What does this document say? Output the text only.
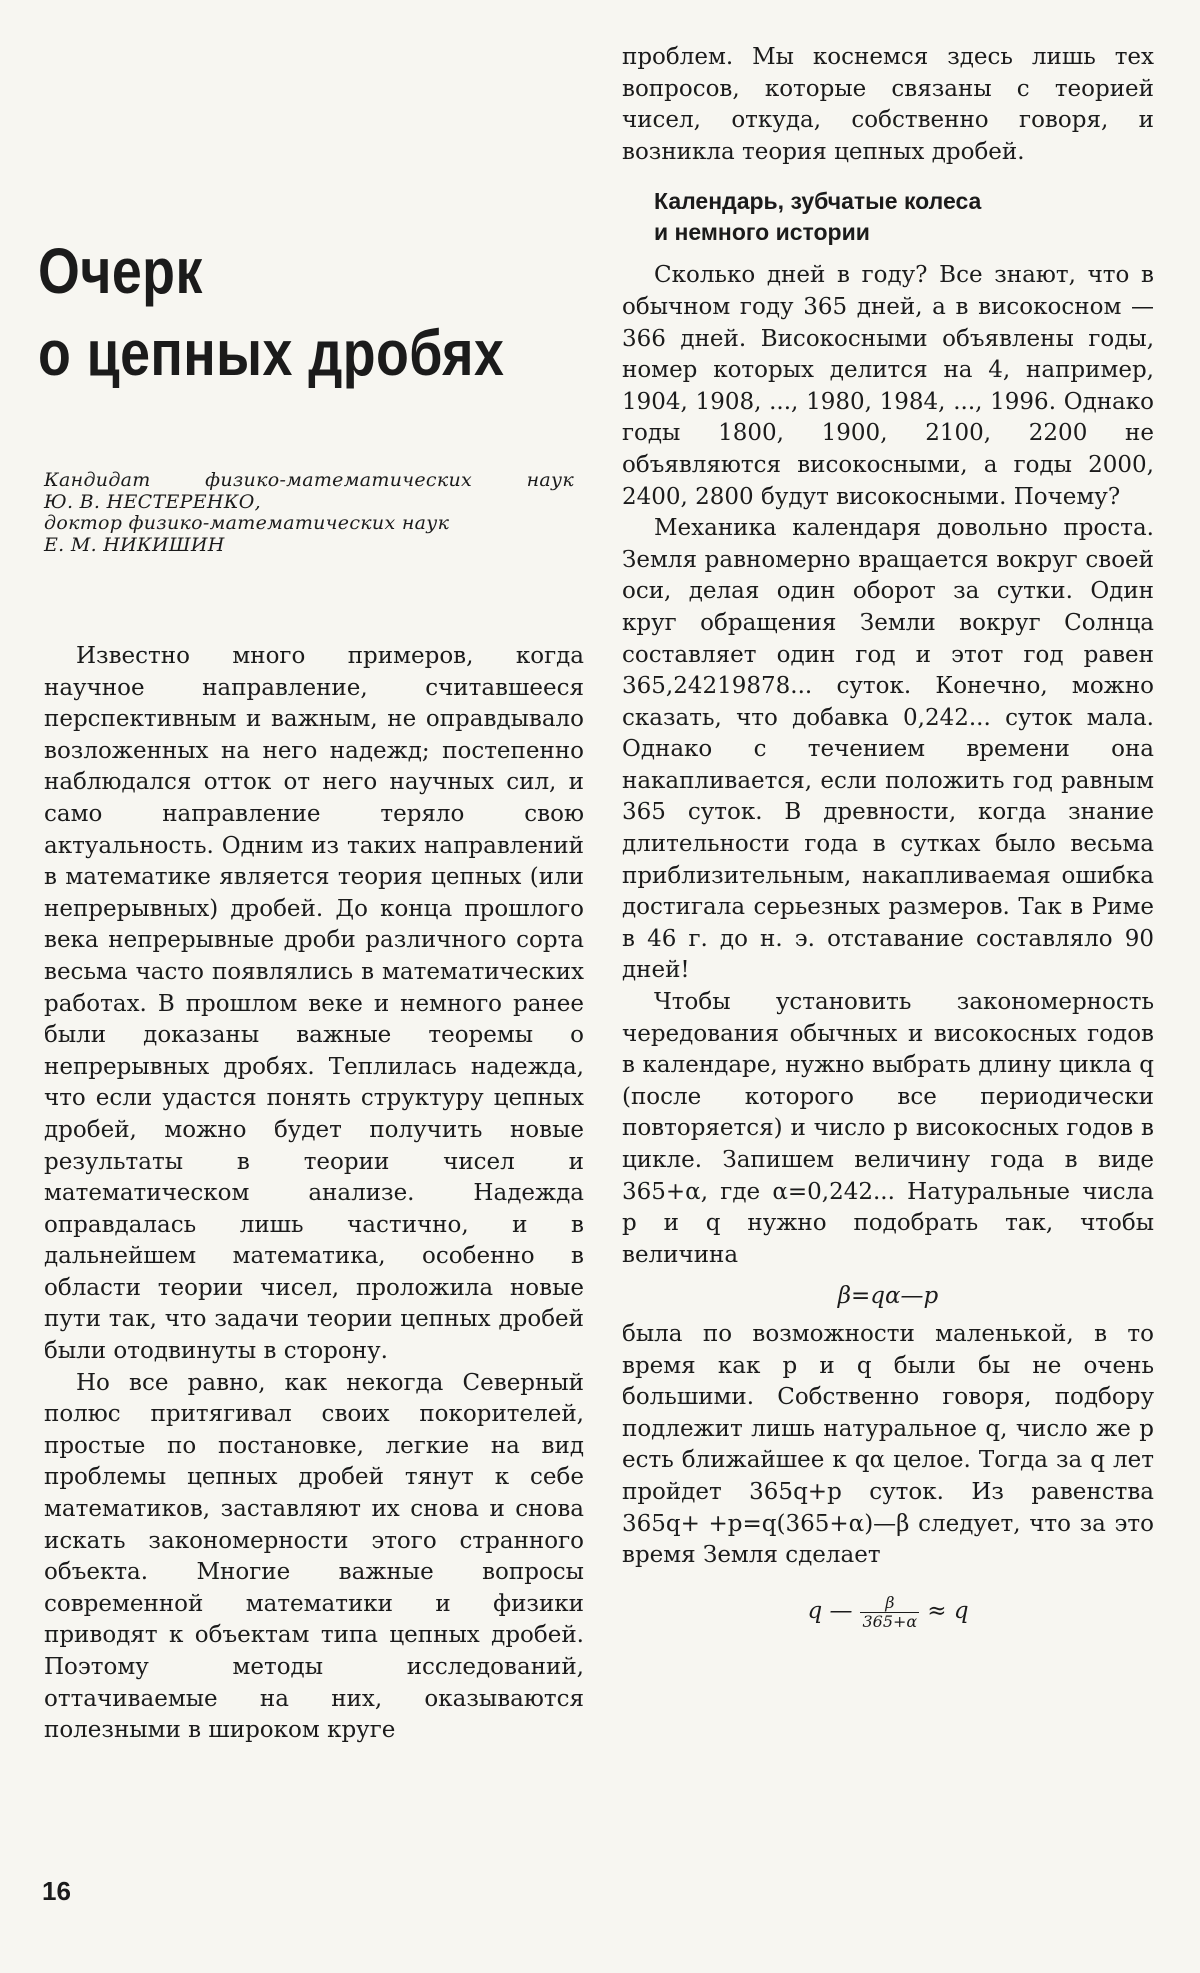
Очерк
о цепных дробях
Кандидат физико-математических наук
Ю. В. НЕСТЕРЕНКО,
доктор физико-математических наук
Е. М. НИКИШИН

Известно много примеров, когда научное направление, считавшееся перспективным и важным, не оправдывало возложенных на него надежд; постепенно наблюдался отток от него научных сил, и само направление теряло свою актуальность. Одним из таких направлений в математике является теория цепных (или непрерывных) дробей. До конца прошлого века непрерывные дроби различного сорта весьма часто появлялись в математических работах. В прошлом веке и немного ранее были доказаны важные теоремы о непрерывных дробях. Теплилась надежда, что если удастся понять структуру цепных дробей, можно будет получить новые результаты в теории чисел и математическом анализе. Надежда оправдалась лишь частично, и в дальнейшем математика, особенно в области теории чисел, проложила новые пути так, что задачи теории цепных дробей были отодвинуты в сторону.

Но все равно, как некогда Северный полюс притягивал своих покорителей, простые по постановке, легкие на вид проблемы цепных дробей тянут к себе математиков, заставляют их снова и снова искать закономерности этого странного объекта. Многие важные вопросы современной математики и физики приводят к объектам типа цепных дробей. Поэтому методы исследований, оттачиваемые на них, оказываются полезными в широком круге

проблем. Мы коснемся здесь лишь тех вопросов, которые связаны с теорией чисел, откуда, собственно говоря, и возникла теория цепных дробей.

Календарь, зубчатые колеса
и немного истории

Сколько дней в году? Все знают, что в обычном году 365 дней, а в високосном — 366 дней. Високосными объявлены годы, номер которых делится на 4, например, 1904, 1908, ..., 1980, 1984, ..., 1996. Однако годы 1800, 1900, 2100, 2200 не объявляются високосными, а годы 2000, 2400, 2800 будут високосными. Почему?

Механика календаря довольно проста. Земля равномерно вращается вокруг своей оси, делая один оборот за сутки. Один круг обращения Земли вокруг Солнца составляет один год и этот год равен 365,24219878... суток. Конечно, можно сказать, что добавка 0,242... суток мала. Однако с течением времени она накапливается, если положить год равным 365 суток. В древности, когда знание длительности года в сутках было весьма приблизительным, накапливаемая ошибка достигала серьезных размеров. Так в Риме в 46 г. до н. э. отставание составляло 90 дней!

Чтобы установить закономерность чередования обычных и високосных годов в календаре, нужно выбрать длину цикла q (после которого все периодически повторяется) и число p високосных годов в цикле. Запишем величину года в виде 365+α, где α=0,242... Натуральные числа p и q нужно подобрать так, чтобы величина

β=qα—p

была по возможности маленькой, в то время как p и q были бы не очень большими. Собственно говоря, подбору подлежит лишь натуральное q, число же p есть ближайшее к qα целое. Тогда за q лет пройдет 365q+p суток. Из равенства 365q+ +p=q(365+α)—β следует, что за это время Земля сделает

q — $\frac{\beta}{365+\alpha} \approx q$
16
